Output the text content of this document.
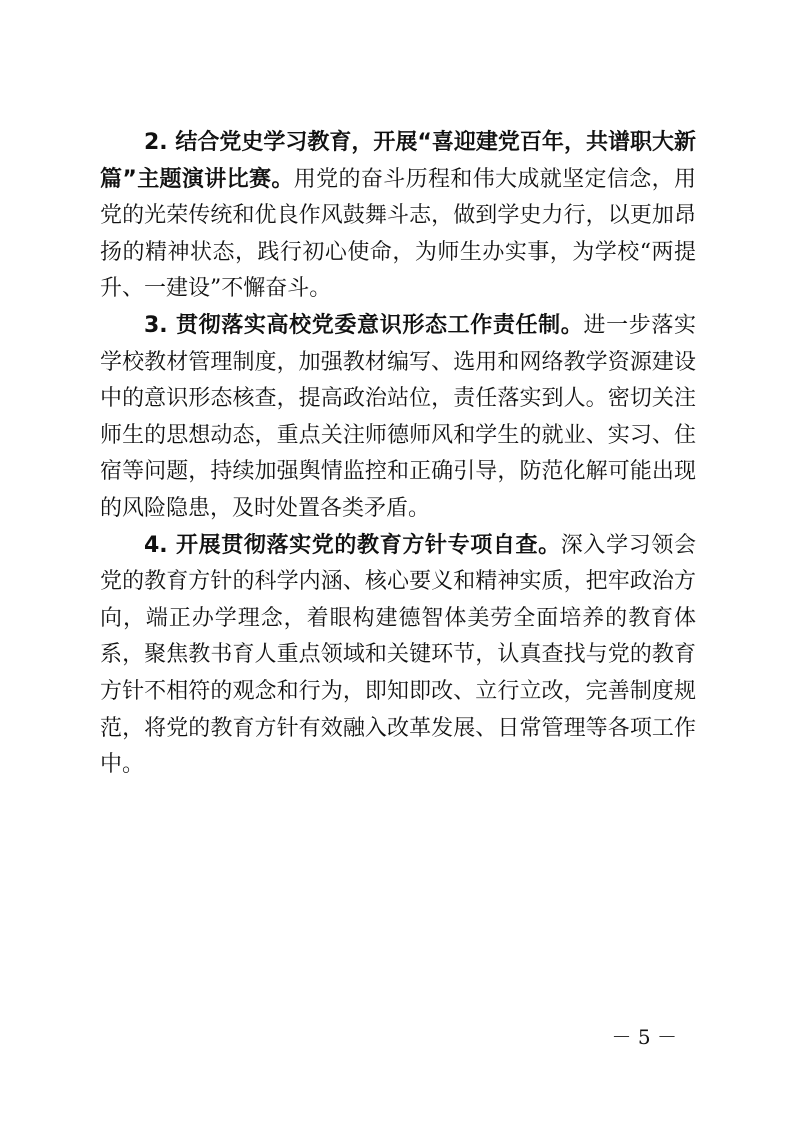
2. 结合党史学习教育，开展“喜迎建党百年，共谱职大新篇”主题演讲比赛。用党的奋斗历程和伟大成就坚定信念，用党的光荣传统和优良作风鼓舞斗志，做到学史力行，以更加昂扬的精神状态，践行初心使命，为师生办实事，为学校“两提升、一建设”不懈奋斗。

3. 贯彻落实高校党委意识形态工作责任制。进一步落实学校教材管理制度，加强教材编写、选用和网络教学资源建设中的意识形态核查，提高政治站位，责任落实到人。密切关注师生的思想动态，重点关注师德师风和学生的就业、实习、住宿等问题，持续加强舆情监控和正确引导，防范化解可能出现的风险隐患，及时处置各类矛盾。

4. 开展贯彻落实党的教育方针专项自查。深入学习领会党的教育方针的科学内涵、核心要义和精神实质，把牢政治方向，端正办学理念，着眼构建德智体美劳全面培养的教育体系，聚焦教书育人重点领域和关键环节，认真查找与党的教育方针不相符的观念和行为，即知即改、立行立改，完善制度规范，将党的教育方针有效融入改革发展、日常管理等各项工作中。

－ 5 －
